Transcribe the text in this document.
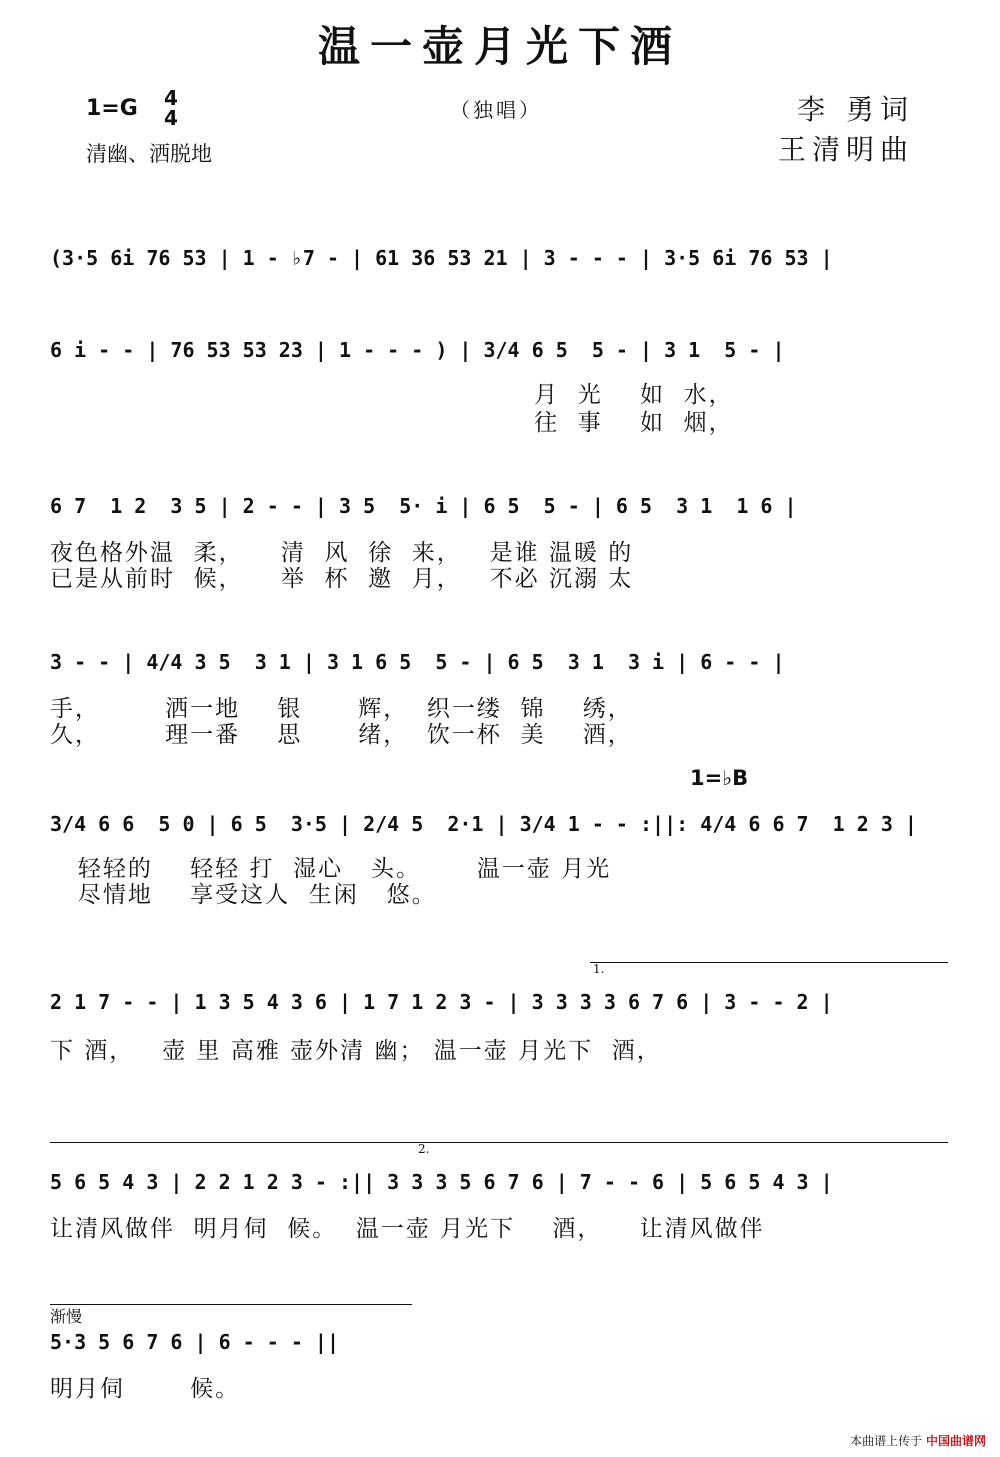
温一壶月光下酒
1=G 4
4
清幽、洒脱地
（独唱）	李 勇词
王清明曲
(3·5 6i 76 53 | 1 - ♭7 - | 61 36 53 21 | 3 - - - | 3·5 6i 76 53 |
6 i - - | 76 53 53 23 | 1 - - - ) | 3/4 6 5  5 - | 3 1  5 - |
月  光    如  水，
往  事    如  烟，
6 7  1 2  3 5 | 2 - - | 3 5  5· i | 6 5  5 - | 6 5  3 1  1 6 |
夜色格外温  柔，    清  风  徐  来，   是谁 温暖 的
已是从前时  候，    举  杯  邀  月，   不必 沉溺 太
3 - - | 4/4 3 5  3 1 | 3 1 6 5  5 - | 6 5  3 1  3 i | 6 - - |
手，       洒一地    银      辉，  织一缕  锦    绣，
久，       理一番    思      绪，  饮一杯  美    酒，
1=♭B
3/4 6 6  5 0 | 6 5  3·5 | 2/4 5  2·1 | 3/4 1 - - :||: 4/4 6 6 7  1 2 3 |
轻轻的    轻轻 打  湿心   头。      温一壶 月光
尽情地    享受这人  生闲   悠。
1.
2 1 7 - - | 1 3 5 4 3 6 | 1 7 1 2 3 - | 3 3 3 3 6 7 6 | 3 - - 2 |
下 酒，   壶 里 高雅 壶外清 幽； 温一壶 月光下  酒，
2.
5 6 5 4 3 | 2 2 1 2 3 - :|| 3 3 3 5 6 7 6 | 7 - - 6 | 5 6 5 4 3 |
让清风做伴  明月伺  候。  温一壶 月光下    酒，    让清风做伴
渐慢
5·3 5 6 7 6 | 6 - - - ||
明月伺       候。
本曲谱上传于 中国曲谱网
